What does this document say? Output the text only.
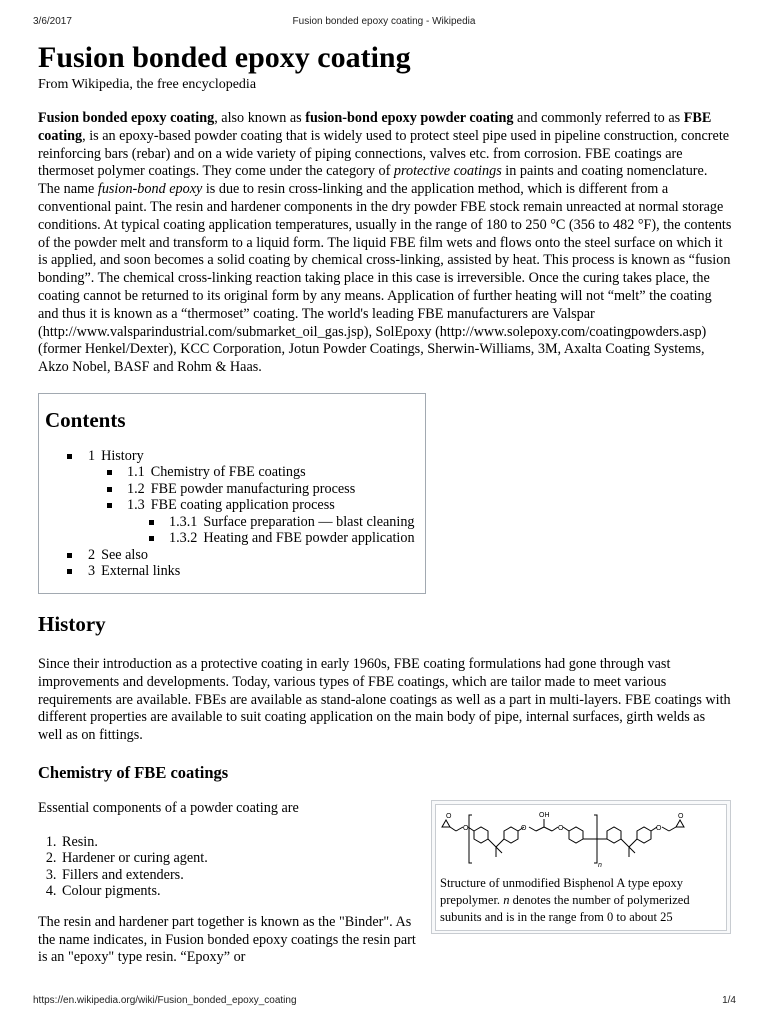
3/6/2017	Fusion bonded epoxy coating - Wikipedia
Fusion bonded epoxy coating
From Wikipedia, the free encyclopedia

Fusion bonded epoxy coating, also known as fusion-bond epoxy powder coating and commonly referred to as FBE coating, is an epoxy-based powder coating that is widely used to protect steel pipe used in pipeline construction, concrete reinforcing bars (rebar) and on a wide variety of piping connections, valves etc. from corrosion. FBE coatings are thermoset polymer coatings. They come under the category of protective coatings in paints and coating nomenclature. The name fusion-bond epoxy is due to resin cross-linking and the application method, which is different from a conventional paint. The resin and hardener components in the dry powder FBE stock remain unreacted at normal storage conditions. At typical coating application temperatures, usually in the range of 180 to 250 °C (356 to 482 °F), the contents of the powder melt and transform to a liquid form. The liquid FBE film wets and flows onto the steel surface on which it is applied, and soon becomes a solid coating by chemical cross-linking, assisted by heat. This process is known as “fusion bonding”. The chemical cross-linking reaction taking place in this case is irreversible. Once the curing takes place, the coating cannot be returned to its original form by any means. Application of further heating will not “melt” the coating and thus it is known as a “thermoset” coating. The world's leading FBE manufacturers are Valspar (http://www.valsparindustrial.com/submarket_oil_gas.jsp), SolEpoxy (http://www.solepoxy.com/coatingpowders.asp) (former Henkel/Dexter), KCC Corporation, Jotun Powder Coatings, Sherwin-Williams, 3M, Axalta Coating Systems, Akzo Nobel, BASF and Rohm & Haas.

Contents
1 History
1.1 Chemistry of FBE coatings
1.2 FBE powder manufacturing process
1.3 FBE coating application process
1.3.1 Surface preparation — blast cleaning
1.3.2 Heating and FBE powder application
2 See also
3 External links
History

Since their introduction as a protective coating in early 1960s, FBE coating formulations had gone through vast improvements and developments. Today, various types of FBE coatings, which are tailor made to meet various requirements are available. FBEs are available as stand-alone coatings as well as a part in multi-layers. FBE coatings with different properties are available to suit coating application on the main body of pipe, internal surfaces, girth welds as well as on fittings.

Chemistry of FBE coatings

Essential components of a powder coating are

1. Resin.
2. Hardener or curing agent.
3. Fillers and extenders.
4. Colour pigments.

The resin and hardener part together is known as the "Binder". As the name indicates, in Fusion bonded epoxy coatings the resin part is an "epoxy" type resin. “Epoxy” or

O
O	O
OH
O
n
O
O
Structure of unmodified Bisphenol A type epoxy prepolymer. n denotes the number of polymerized subunits and is in the range from 0 to about 25
https://en.wikipedia.org/wiki/Fusion_bonded_epoxy_coating	1/4
